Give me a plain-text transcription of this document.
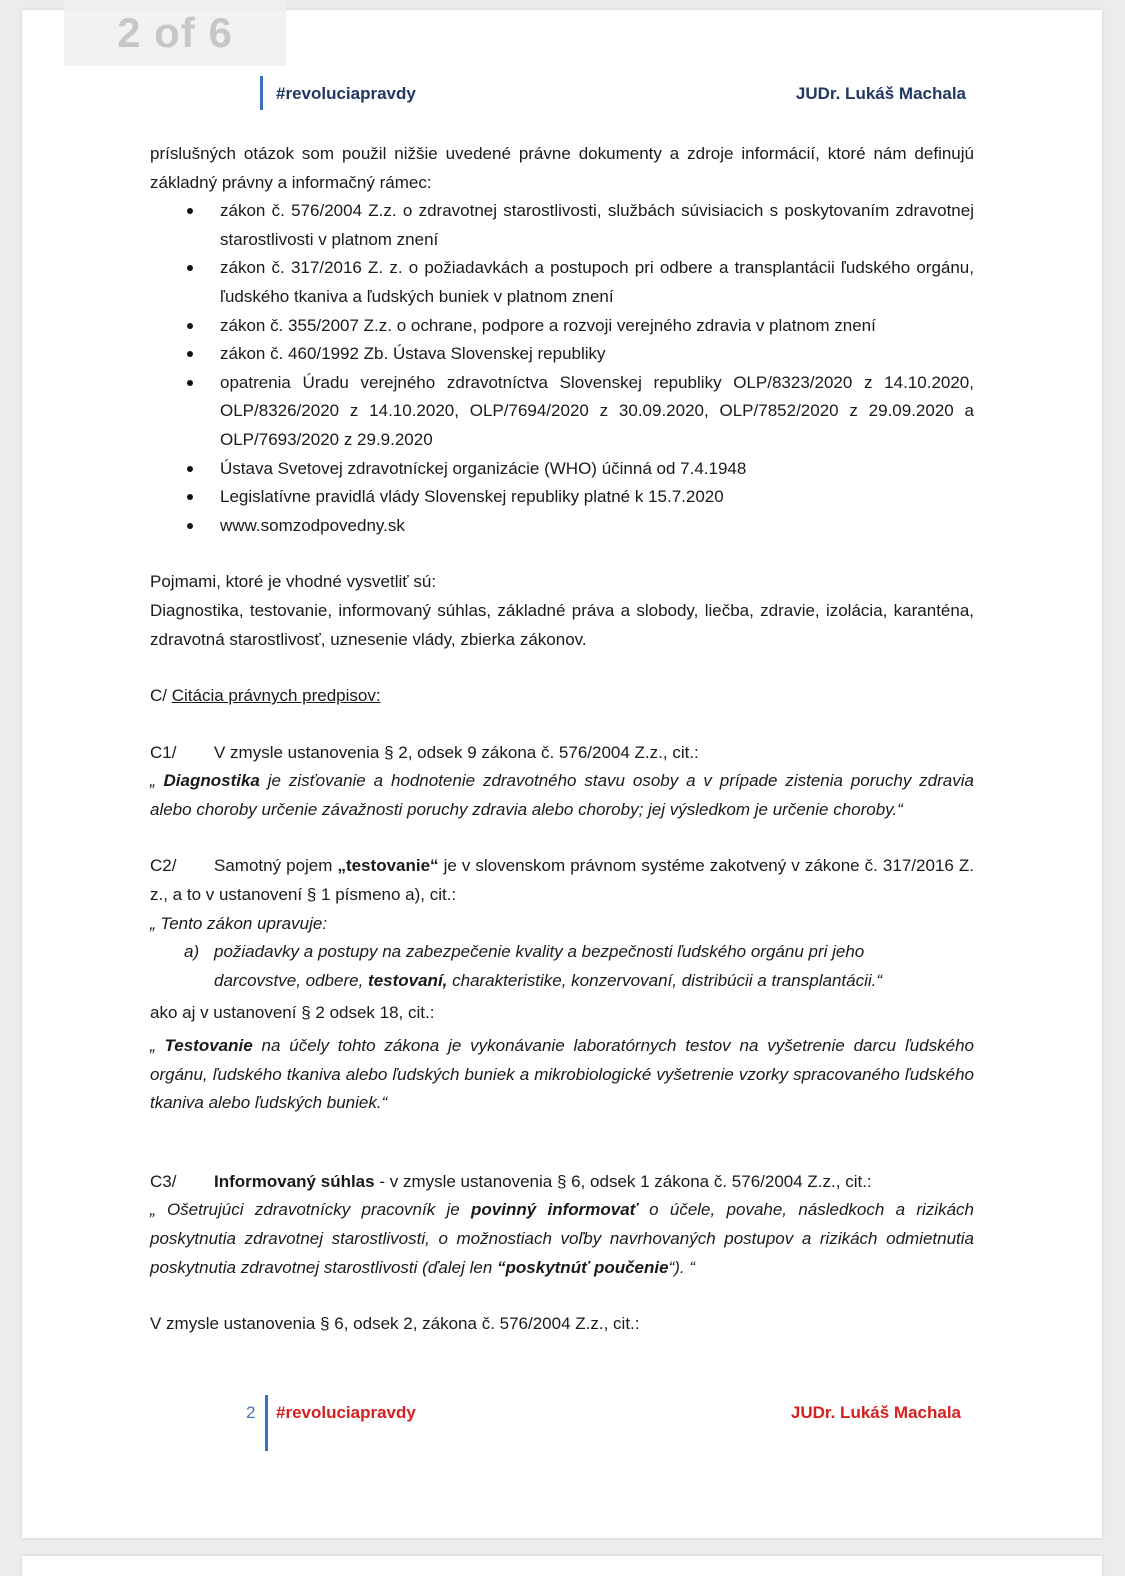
2 of 6
#revoluciapravdy	JUDr. Lukáš Machala

príslušných otázok som použil nižšie uvedené právne dokumenty a zdroje informácií, ktoré nám definujú základný právny a informačný rámec:

zákon č. 576/2004 Z.z. o zdravotnej starostlivosti, službách súvisiacich s poskytovaním zdravotnej starostlivosti v platnom znení
zákon č. 317/2016 Z. z. o požiadavkách a postupoch pri odbere a transplantácii ľudského orgánu, ľudského tkaniva a ľudských buniek v platnom znení
zákon č. 355/2007 Z.z. o ochrane, podpore a rozvoji verejného zdravia v platnom znení
zákon č. 460/1992 Zb. Ústava Slovenskej republiky
opatrenia Úradu verejného zdravotníctva Slovenskej republiky OLP/8323/2020 z 14.10.2020, OLP/8326/2020 z 14.10.2020, OLP/7694/2020 z 30.09.2020, OLP/7852/2020 z 29.09.2020 a OLP/7693/2020 z 29.9.2020
Ústava Svetovej zdravotníckej organizácie (WHO) účinná od 7.4.1948
Legislatívne pravidlá vlády Slovenskej republiky platné k 15.7.2020
www.somzodpovedny.sk

Pojmami, ktoré je vhodné vysvetliť sú:

Diagnostika, testovanie, informovaný súhlas, základné práva a slobody, liečba, zdravie, izolácia, karanténa, zdravotná starostlivosť, uznesenie vlády, zbierka zákonov.

C/ Citácia právnych predpisov:

C1/ V zmysle ustanovenia § 2, odsek 9 zákona č. 576/2004 Z.z., cit.:

„ Diagnostika je zisťovanie a hodnotenie zdravotného stavu osoby a v prípade zistenia poruchy zdravia alebo choroby určenie závažnosti poruchy zdravia alebo choroby; jej výsledkom je určenie choroby.“

C2/ Samotný pojem „testovanie“ je v slovenskom právnom systéme zakotvený v zákone č. 317/2016 Z. z., a to v ustanovení § 1 písmeno a), cit.:

„ Tento zákon upravuje:

a) požiadavky a postupy na zabezpečenie kvality a bezpečnosti ľudského orgánu pri jeho

darcovstve, odbere, testovaní, charakteristike, konzervovaní, distribúcii a transplantácii.“

ako aj v ustanovení § 2 odsek 18, cit.:

„ Testovanie na účely tohto zákona je vykonávanie laboratórnych testov na vyšetrenie darcu ľudského orgánu, ľudského tkaniva alebo ľudských buniek a mikrobiologické vyšetrenie vzorky spracovaného ľudského tkaniva alebo ľudských buniek.“

C3/ Informovaný súhlas - v zmysle ustanovenia § 6, odsek 1 zákona č. 576/2004 Z.z., cit.:

„ Ošetrujúci zdravotnícky pracovník je povinný informovať o účele, povahe, následkoch a rizikách poskytnutia zdravotnej starostlivosti, o možnostiach voľby navrhovaných postupov a rizikách odmietnutia poskytnutia zdravotnej starostlivosti (ďalej len “poskytnúť poučenie“). “

V zmysle ustanovenia § 6, odsek 2, zákona č. 576/2004 Z.z., cit.:

2 #revoluciapravdy	JUDr. Lukáš Machala
